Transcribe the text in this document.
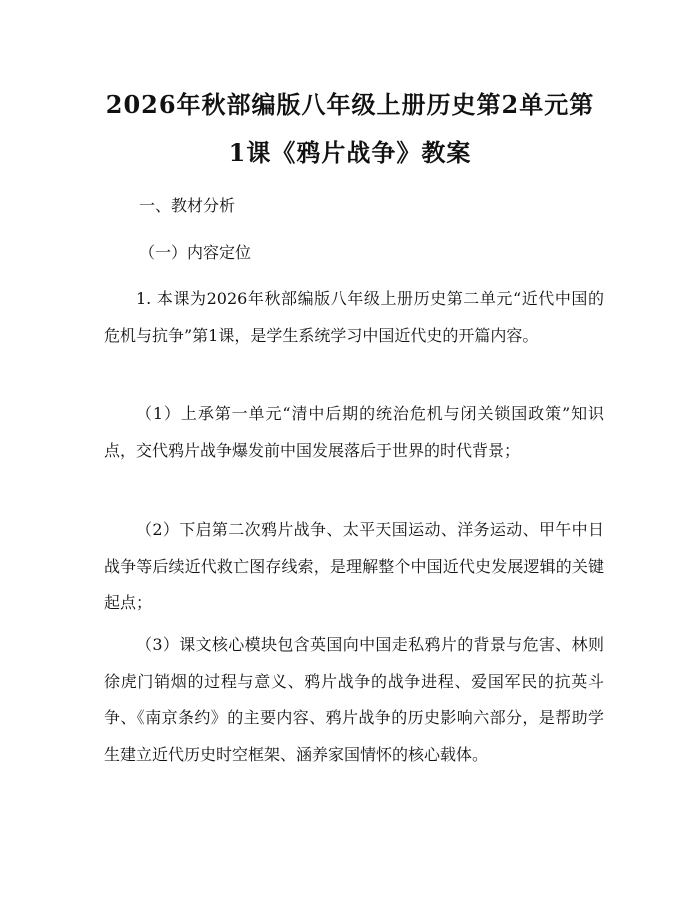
2026年秋部编版八年级上册历史第2单元第
1课《鸦片战争》教案
一、教材分析
（一）内容定位

1. 本课为2026年秋部编版八年级上册历史第二单元“近代中国的危机与抗争”第1课，是学生系统学习中国近代史的开篇内容。

（1）上承第一单元“清中后期的统治危机与闭关锁国政策”知识点，交代鸦片战争爆发前中国发展落后于世界的时代背景；

（2）下启第二次鸦片战争、太平天国运动、洋务运动、甲午中日战争等后续近代救亡图存线索，是理解整个中国近代史发展逻辑的关键起点；

（3）课文核心模块包含英国向中国走私鸦片的背景与危害、林则徐虎门销烟的过程与意义、鸦片战争的战争进程、爱国军民的抗英斗争、《南京条约》的主要内容、鸦片战争的历史影响六部分，是帮助学生建立近代历史时空框架、涵养家国情怀的核心载体。
